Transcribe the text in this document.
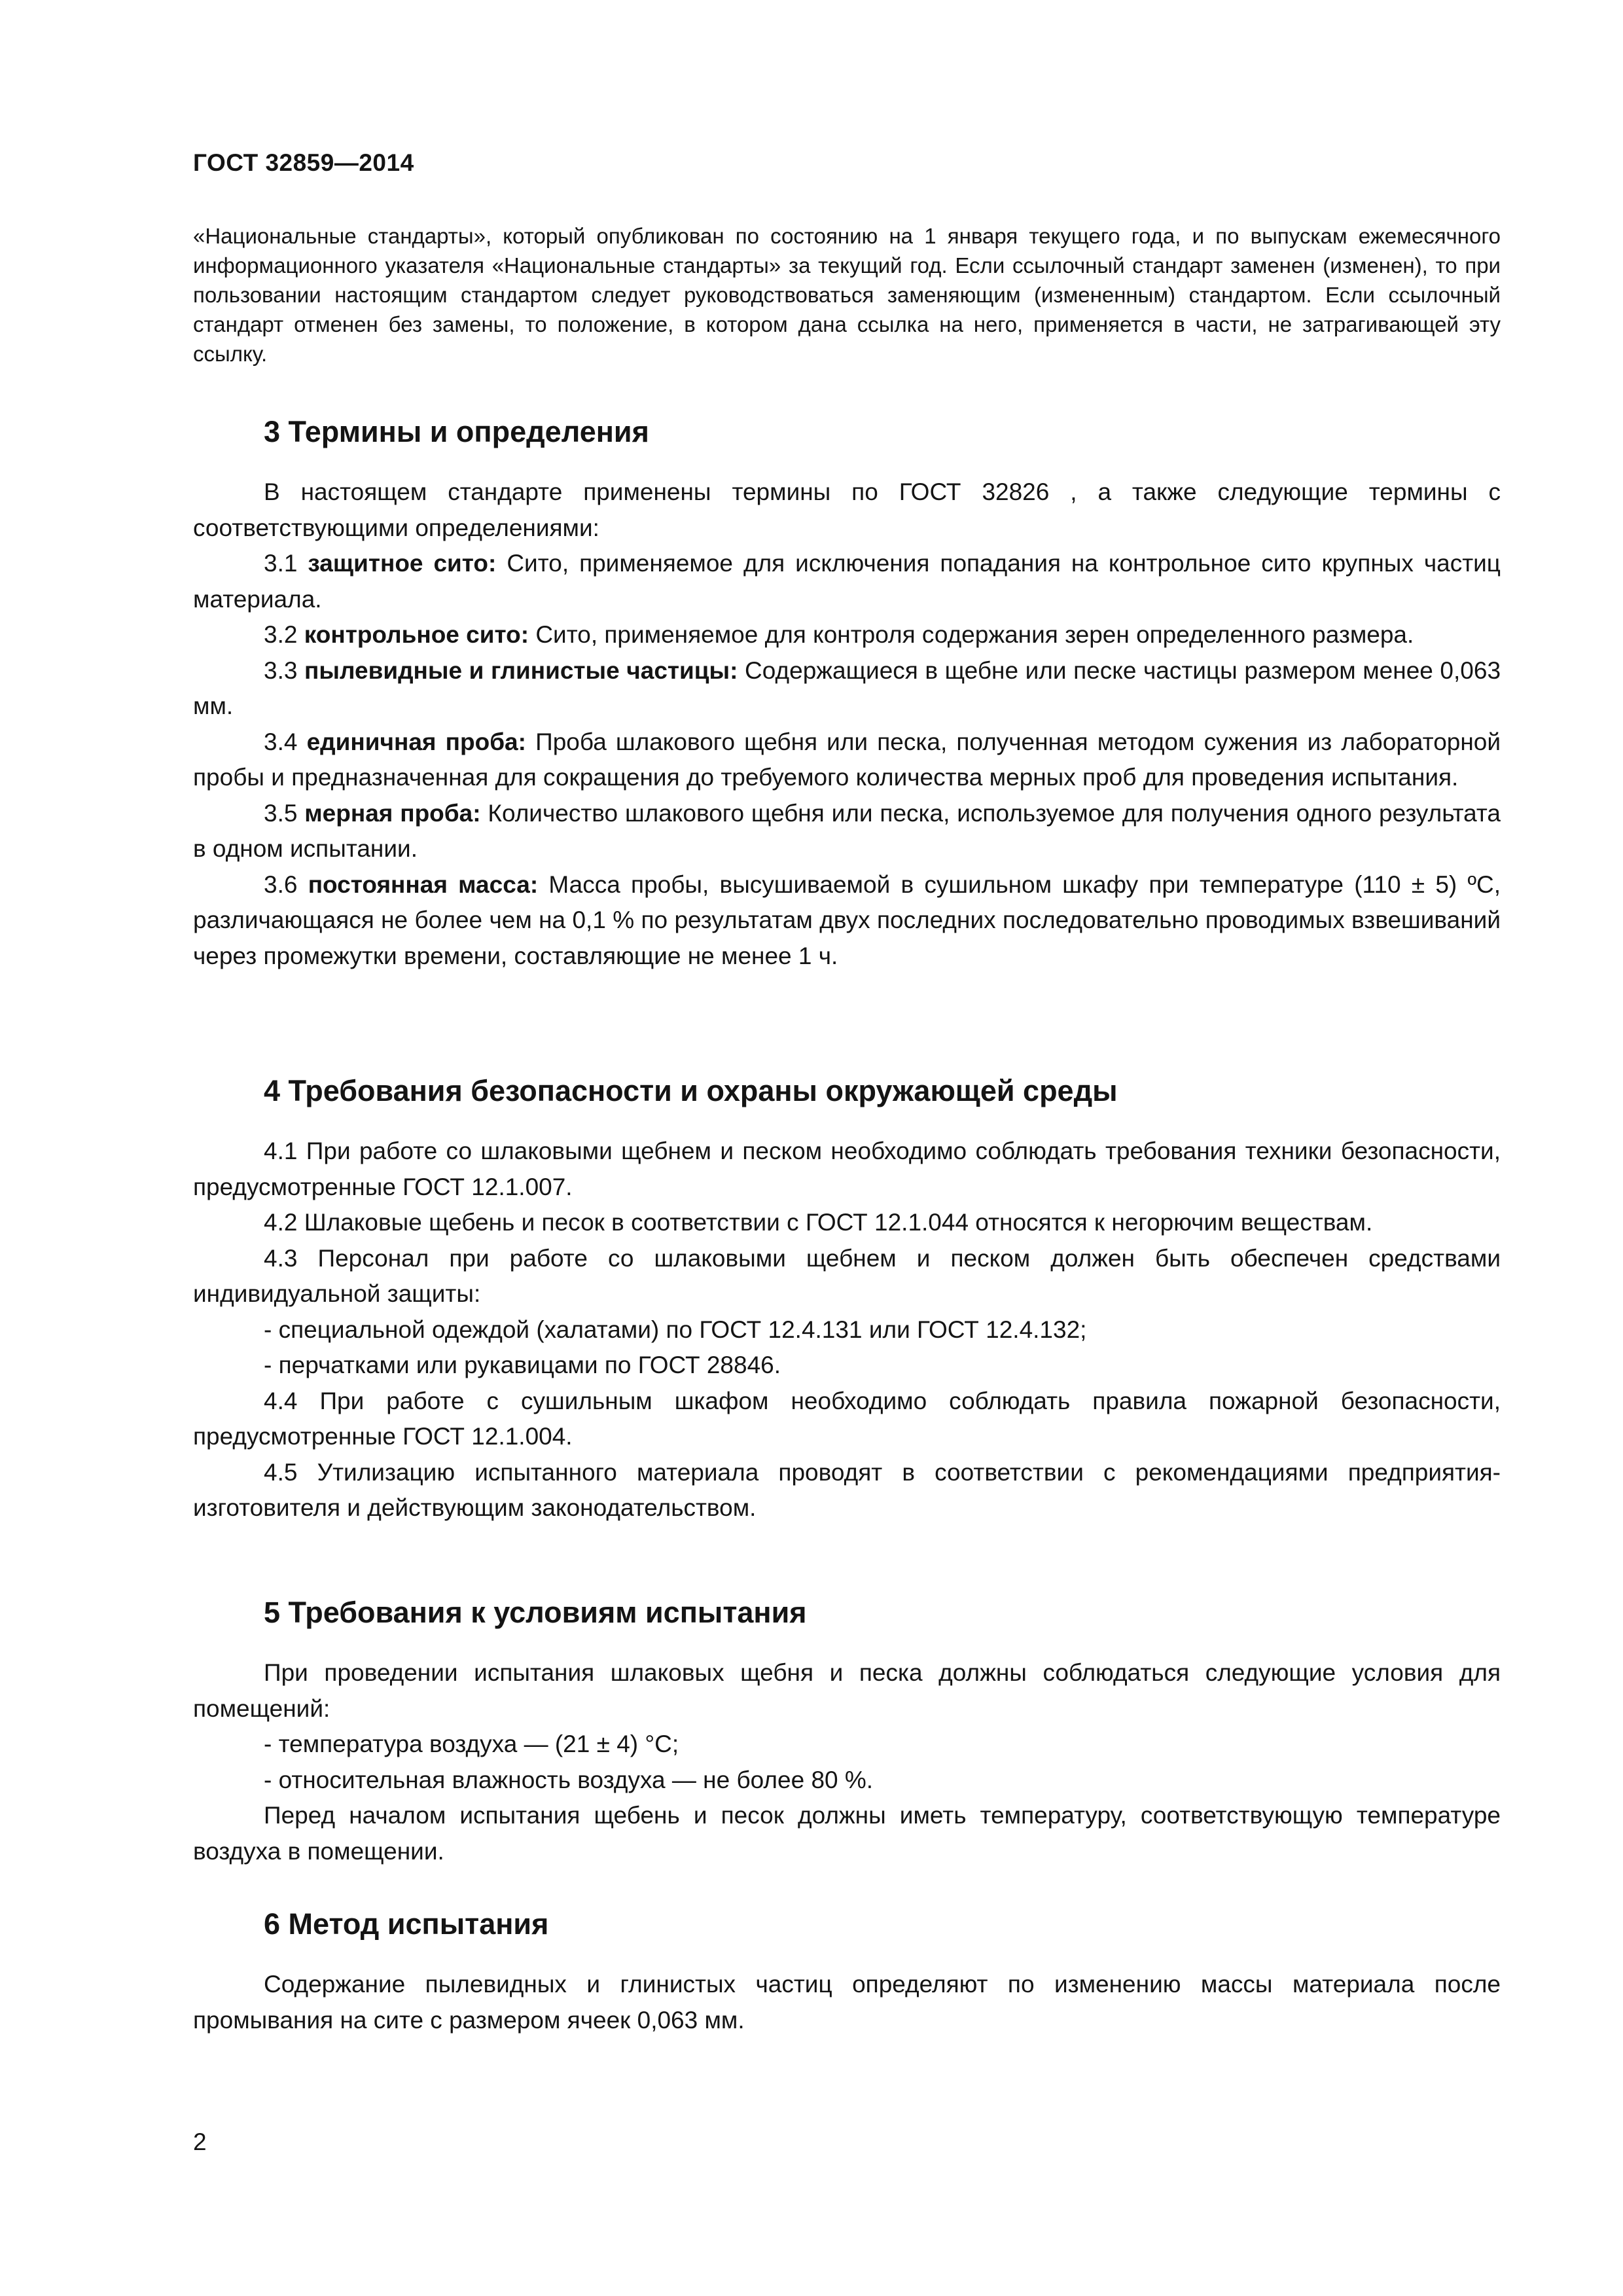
ГОСТ 32859—2014

«Национальные стандарты», который опубликован по состоянию на 1 января текущего года, и по выпускам ежемесячного информационного указателя «Национальные стандарты» за текущий год. Если ссылочный стандарт заменен (изменен), то при пользовании настоящим стандартом следует руководствоваться заменяющим (измененным) стандартом. Если ссылочный стандарт отменен без замены, то положение, в котором дана ссылка на него, применяется в части, не затрагивающей эту ссылку.

3 Термины и определения

В настоящем стандарте применены термины по ГОСТ 32826 , а также следующие термины с соответствующими определениями:

3.1 защитное сито: Сито, применяемое для исключения попадания на контрольное сито крупных частиц материала.

3.2 контрольное сито: Сито, применяемое для контроля содержания зерен определенного размера.

3.3 пылевидные и глинистые частицы: Содержащиеся в щебне или песке частицы размером менее 0,063 мм.

3.4 единичная проба: Проба шлакового щебня или песка, полученная методом сужения из лабораторной пробы и предназначенная для сокращения до требуемого количества мерных проб для проведения испытания.

3.5 мерная проба: Количество шлакового щебня или песка, используемое для получения одного результата в одном испытании.

3.6 постоянная масса: Масса пробы, высушиваемой в сушильном шкафу при температуре (110 ± 5) ºС, различающаяся не более чем на 0,1 % по результатам двух последних последовательно проводимых взвешиваний через промежутки времени, составляющие не менее 1 ч.

4 Требования безопасности и охраны окружающей среды

4.1 При работе со шлаковыми щебнем и песком необходимо соблюдать требования техники безопасности, предусмотренные ГОСТ 12.1.007.

4.2 Шлаковые щебень и песок в соответствии с ГОСТ 12.1.044 относятся к негорючим веществам.

4.3 Персонал при работе со шлаковыми щебнем и песком должен быть обеспечен средствами индивидуальной защиты:

- специальной одеждой (халатами) по ГОСТ 12.4.131 или ГОСТ 12.4.132;

- перчатками или рукавицами по ГОСТ 28846.

4.4 При работе с сушильным шкафом необходимо соблюдать правила пожарной безопасности, предусмотренные ГОСТ 12.1.004.

4.5 Утилизацию испытанного материала проводят в соответствии с рекомендациями предприятия-изготовителя и действующим законодательством.

5 Требования к условиям испытания

При проведении испытания шлаковых щебня и песка должны соблюдаться следующие условия для помещений:

- температура воздуха — (21 ± 4) °С;

- относительная влажность воздуха — не более 80 %.

Перед началом испытания щебень и песок должны иметь температуру, соответствующую температуре воздуха в помещении.

6 Метод испытания

Содержание пылевидных и глинистых частиц определяют по изменению массы материала после промывания на сите с размером ячеек 0,063 мм.

2
